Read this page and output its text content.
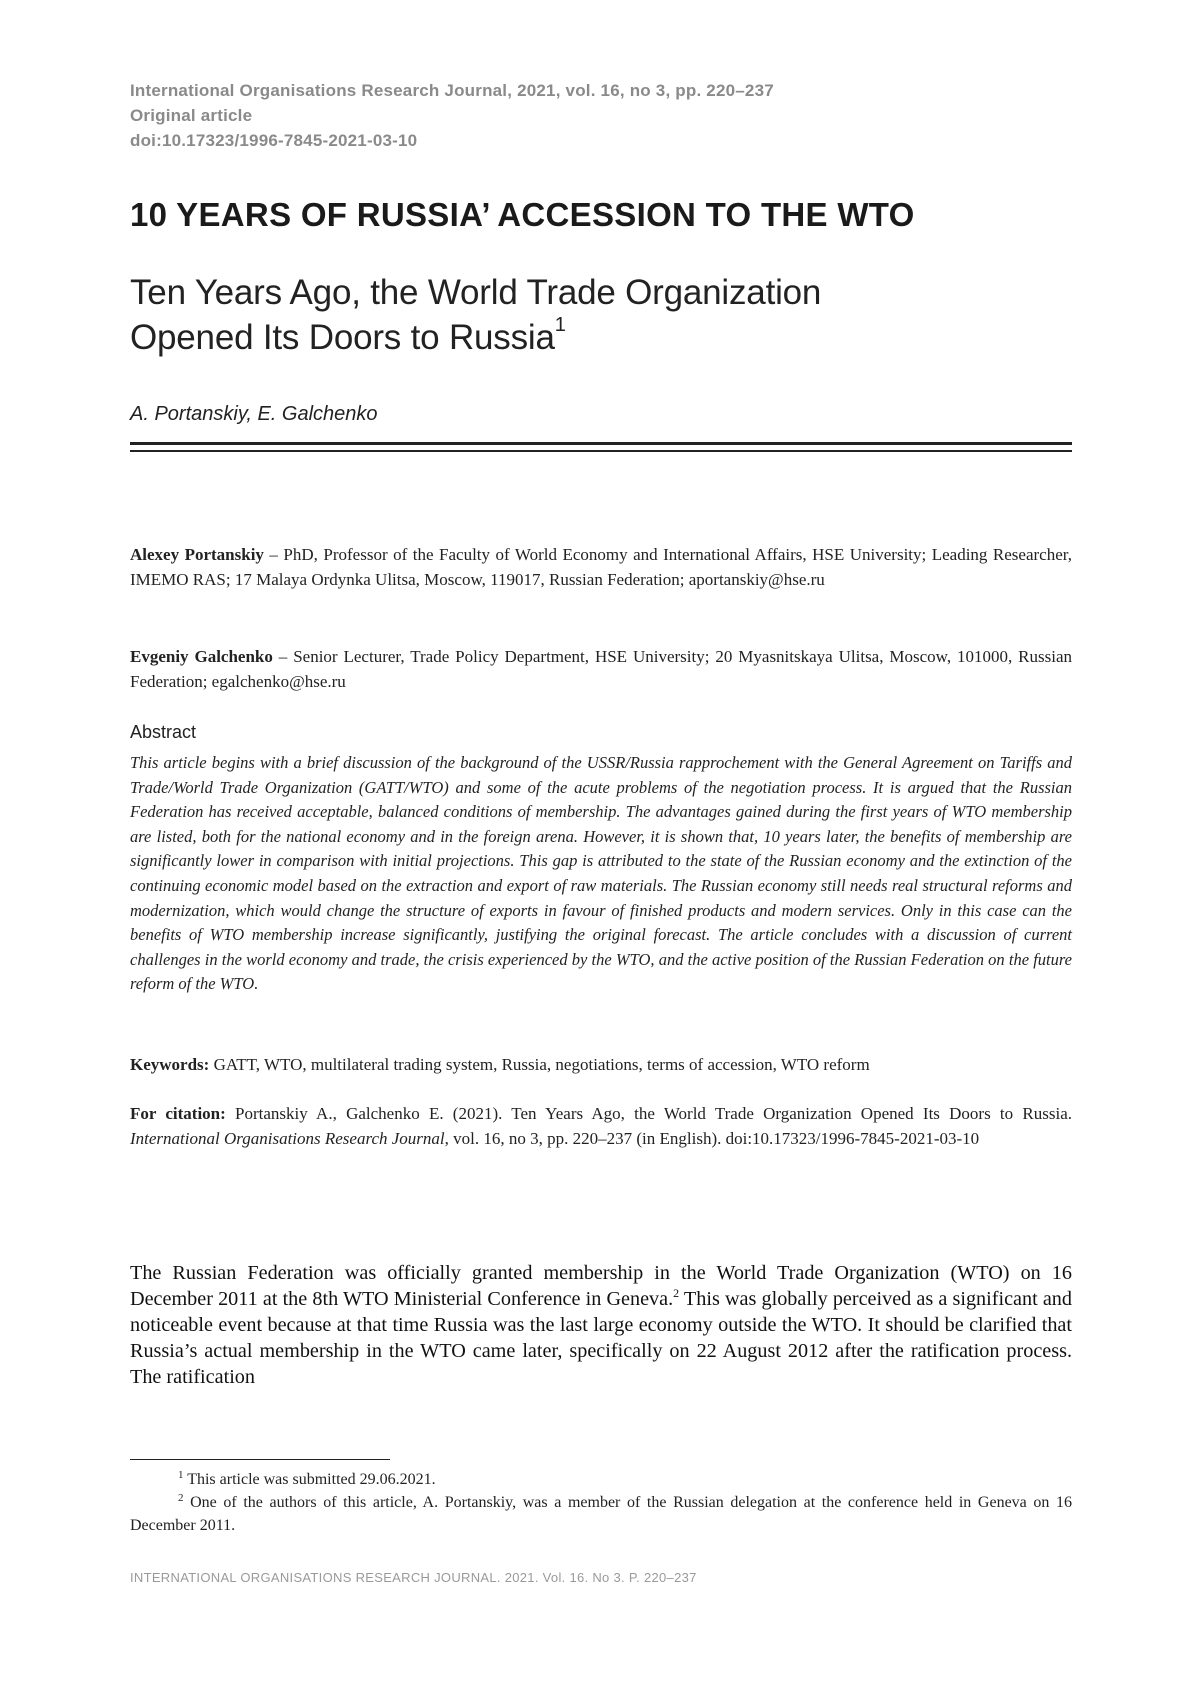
International Organisations Research Journal, 2021, vol. 16, no 3, pp. 220–237
Original article
doi:10.17323/1996-7845-2021-03-10
10 YEARS OF RUSSIA’ ACCESSION TO THE WTO
Ten Years Ago, the World Trade Organization
Opened Its Doors to Russia$^1$
A. Portanskiy, E. Galchenko
Alexey Portanskiy – PhD, Professor of the Faculty of World Economy and International Affairs, HSE University; Leading Researcher, IMEMO RAS; 17 Malaya Ordynka Ulitsa, Moscow, 119017, Russian Federation; aportanskiy@hse.ru
Evgeniy Galchenko – Senior Lecturer, Trade Policy Department, HSE University; 20 Myasnitskaya Ulitsa, Moscow, 101000, Russian Federation; egalchenko@hse.ru
Abstract
This article begins with a brief discussion of the background of the USSR/Russia rapprochement with the General Agreement on Tariffs and Trade/World Trade Organization (GATT/WTO) and some of the acute problems of the negotiation process. It is argued that the Russian Federation has received acceptable, balanced conditions of membership. The advantages gained during the first years of WTO membership are listed, both for the national economy and in the foreign arena. However, it is shown that, 10 years later, the benefits of membership are significantly lower in comparison with initial projections. This gap is attributed to the state of the Russian economy and the extinction of the continuing economic model based on the extraction and export of raw materials. The Russian economy still needs real structural reforms and modernization, which would change the structure of exports in favour of finished products and modern services. Only in this case can the benefits of WTO membership increase significantly, justifying the original forecast. The article concludes with a discussion of current challenges in the world economy and trade, the crisis experienced by the WTO, and the active position of the Russian Federation on the future reform of the WTO.
Keywords: GATT, WTO, multilateral trading system, Russia, negotiations, terms of accession, WTO reform
For citation: Portanskiy A., Galchenko E. (2021). Ten Years Ago, the World Trade Organization Opened Its Doors to Russia. International Organisations Research Journal, vol. 16, no 3, pp. 220–237 (in English). doi:10.17323/1996-7845-2021-03-10
The Russian Federation was officially granted membership in the World Trade Organization (WTO) on 16 December 2011 at the 8th WTO Ministerial Conference in Geneva.$^2$ This was globally perceived as a significant and noticeable event because at that time Russia was the last large economy outside the WTO. It should be clarified that Russia’s actual membership in the WTO came later, specifically on 22 August 2012 after the ratification process. The ratification
$^1$ This article was submitted 29.06.2021.
$^2$ One of the authors of this article, A. Portanskiy, was a member of the Russian delegation at the conference held in Geneva on 16 December 2011.
INTERNATIONAL ORGANISATIONS RESEARCH JOURNAL. 2021. Vol. 16. No 3. P. 220–237
